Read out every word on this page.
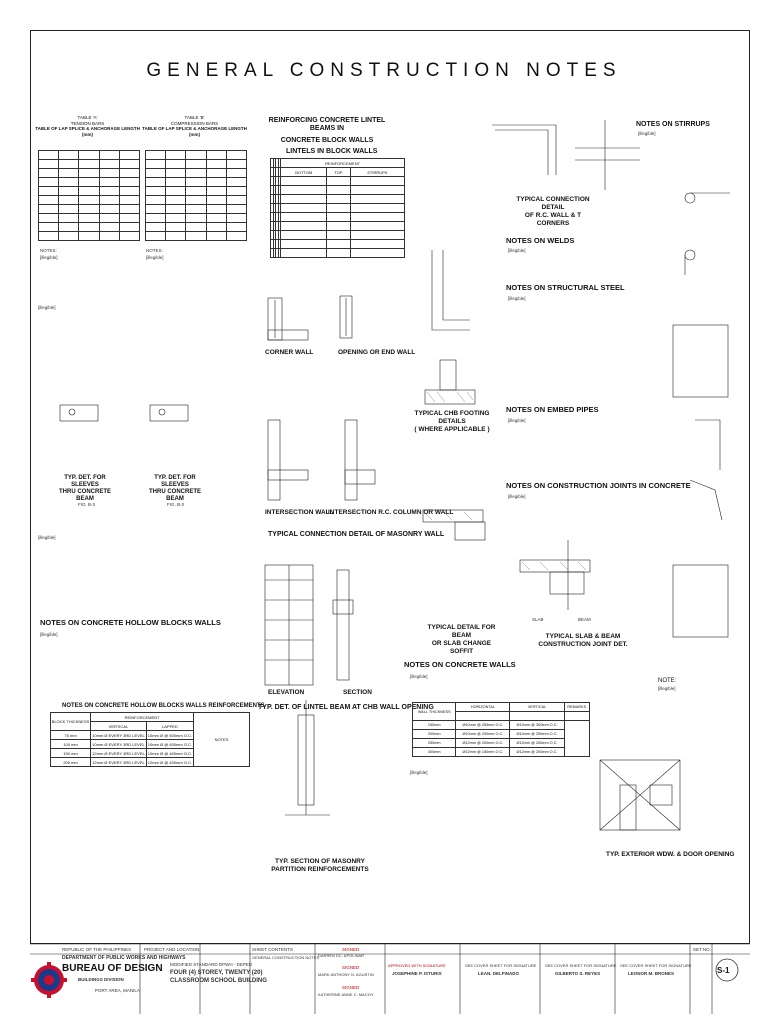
GENERAL CONSTRUCTION NOTES
TABLE 'A'
TENSION BARS
TABLE OF LAP SPLICE & ANCHORAGE LENGTH (mm)
TABLE 'B'
COMPRESSION BARS
TABLE OF LAP SPLICE & ANCHORAGE LENGTH (mm)

NOTES:	NOTES:
[illegible]	[illegible]
REINFORCING CONCRETE LINTEL BEAMS IN
CONCRETE BLOCK WALLS
LINTELS IN BLOCK WALLS
				REINFORCEMENT		
				BOTTOM	TOP	STIRRUPS

[illegible]
TYP. DET. FOR SLEEVES
THRU CONCRETE BEAM
FIG. B-3
TYP. DET. FOR SLEEVES
THRU CONCRETE BEAM
FIG. B-3
[illegible]
NOTES ON CONCRETE HOLLOW BLOCKS WALLS
[illegible]
NOTES ON CONCRETE HOLLOW BLOCKS WALLS REINFORCEMENTS
BLOCK THICKNESS	REINFORCEMENT		NOTES
	VERTICAL	LAPPED	
75 mm	10mm Ø EVERY 3RD LEVEL	10mm Ø @ 600mm O.C.	
100 mm	10mm Ø EVERY 3RD LEVEL	10mm Ø @ 600mm O.C.	
150 mm	12mm Ø EVERY 3RD LEVEL	10mm Ø @ 400mm O.C.	
200 mm	12mm Ø EVERY 3RD LEVEL	12mm Ø @ 400mm O.C.	
CORNER WALL	OPENING OR END WALL
INTERSECTION WALL
INTERSECTION R.C. COLUMN OR WALL
TYPICAL CONNECTION DETAIL OF MASONRY WALL
ELEVATION	SECTION
TYP. DET. OF LINTEL BEAM AT CHB WALL OPENING
TYP. SECTION OF MASONRY
PARTITION REINFORCEMENTS
TYPICAL CHB FOOTING DETAILS
( WHERE APPLICABLE )
TYPICAL DETAIL FOR BEAM
OR SLAB CHANGE SOFFIT
SLAB	BEAM
TYPICAL SLAB & BEAM
CONSTRUCTION JOINT DET.
TYPICAL CONNECTION DETAIL
OF R.C. WALL & T CORNERS
NOTES ON STIRRUPS
[illegible]
NOTES ON WELDS
[illegible]
NOTES ON STRUCTURAL STEEL
[illegible]
NOTES ON EMBED PIPES
[illegible]
NOTES ON CONSTRUCTION JOINTS IN CONCRETE
[illegible]
NOTES ON CONCRETE WALLS
[illegible]
WALL THICKNESS	HORIZONTAL	VERTICAL	REMARKS

150mm	Ø10mm @ 250mm O.C.	Ø10mm @ 300mm O.C.	
200mm	Ø10mm @ 200mm O.C.	Ø10mm @ 250mm O.C.	
250mm	Ø12mm @ 200mm O.C.	Ø12mm @ 250mm O.C.	
300mm	Ø12mm @ 150mm O.C.	Ø12mm @ 200mm O.C.	
[illegible]
NOTE:
[illegible]
TYP. EXTERIOR WDW. & DOOR OPENING
REPUBLIC OF THE PHILIPPINES
DEPARTMENT OF PUBLIC WORKS AND HIGHWAYS
BUREAU OF DESIGN
BUILDINGS DIVISION
PORT AREA, MANILA
PROJECT AND LOCATION
MODIFIED STANDARD DPWH - DEPED
FOUR (4) STOREY, TWENTY (20)
CLASSROOM SCHOOL BUILDING
SHEET CONTENTS
GENERAL CONSTRUCTION NOTES
SIGNED
DARREN DC. APOLINAR
SIGNED
MARK ANTHONY N. AGUSTIN
SIGNED
KATHERINE ANNE C. MACOY
APPROVED WITH SIGNATURE
JOSEPHINE P. ISTURIS
SEE COVER SHEET FOR SIGNATURE
LEAN. DELFINADO
SEE COVER SHEET FOR SIGNATURE
GILBERTO S. REYES
SEE COVER SHEET FOR SIGNATURE
LEONOR M. BRONES
SET NO.
S-1
